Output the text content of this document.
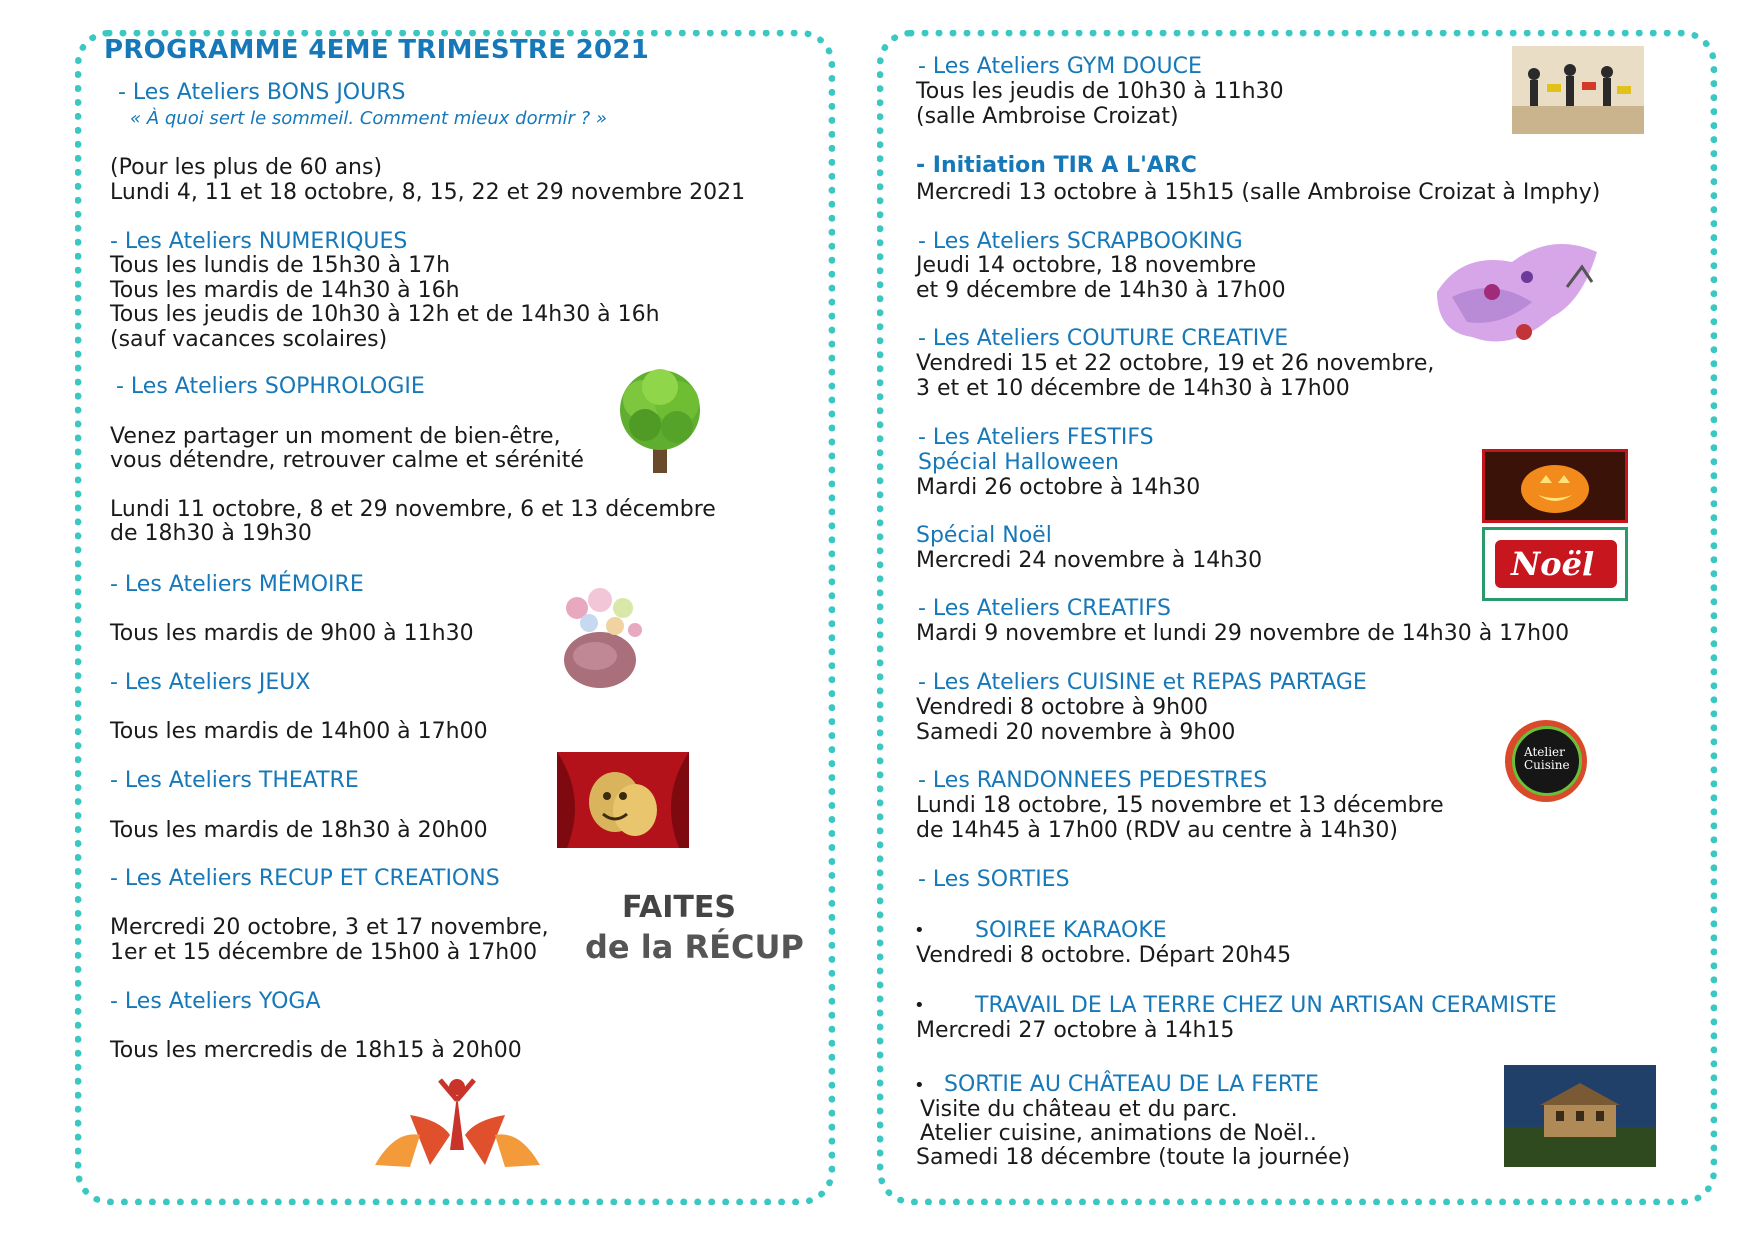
PROGRAMME 4EME TRIMESTRE 2021
- Les Ateliers BONS JOURS
« À quoi sert le sommeil. Comment mieux dormir ? »
(Pour les plus de 60 ans)
Lundi 4, 11 et 18 octobre, 8, 15, 22 et 29 novembre 2021
- Les Ateliers NUMERIQUES
Tous les lundis de 15h30 à 17h
Tous les mardis de 14h30 à 16h
Tous les jeudis de 10h30 à 12h et de 14h30 à 16h
(sauf vacances scolaires)
- Les Ateliers SOPHROLOGIE
Venez partager un moment de bien-être,
vous détendre, retrouver calme et sérénité
Lundi 11 octobre, 8 et 29 novembre, 6 et 13 décembre
de 18h30 à 19h30
- Les Ateliers MÉMOIRE
Tous les mardis de 9h00 à 11h30
- Les Ateliers JEUX
Tous les mardis de 14h00 à 17h00
- Les Ateliers THEATRE
Tous les mardis de 18h30 à 20h00
- Les Ateliers RECUP ET CREATIONS
Mercredi 20 octobre, 3 et 17 novembre,
1er et 15 décembre de 15h00 à 17h00
FAITES
de la RÉCUP
- Les Ateliers YOGA
Tous les mercredis de 18h15 à 20h00
- Les Ateliers GYM DOUCE
Tous les jeudis de 10h30 à 11h30
(salle Ambroise Croizat)
- Initiation TIR A L'ARC
Mercredi 13 octobre à 15h15 (salle Ambroise Croizat à Imphy)
- Les Ateliers SCRAPBOOKING
Jeudi 14 octobre, 18 novembre
et 9 décembre de 14h30 à 17h00
- Les Ateliers COUTURE CREATIVE
Vendredi 15 et 22 octobre, 19 et 26 novembre,
3 et et 10 décembre de 14h30 à 17h00
- Les Ateliers FESTIFS
Spécial Halloween
Mardi 26 octobre à 14h30
Spécial Noël
Mercredi 24 novembre à 14h30	Noël
- Les Ateliers CREATIFS
Mardi 9 novembre et lundi 29 novembre de 14h30 à 17h00
- Les Ateliers CUISINE et REPAS PARTAGE
Vendredi 8 octobre à 9h00
Samedi 20 novembre à 9h00
Atelier
Cuisine
- Les RANDONNEES PEDESTRES
Lundi 18 octobre, 15 novembre et 13 décembre
de 14h45 à 17h00 (RDV au centre à 14h30)
- Les SORTIES
• SOIREE KARAOKE
Vendredi 8 octobre. Départ 20h45
• TRAVAIL DE LA TERRE CHEZ UN ARTISAN CERAMISTE
Mercredi 27 octobre à 14h15
• SORTIE AU CHÂTEAU DE LA FERTE
Visite du château et du parc.
Atelier cuisine, animations de Noël..
Samedi 18 décembre (toute la journée)
